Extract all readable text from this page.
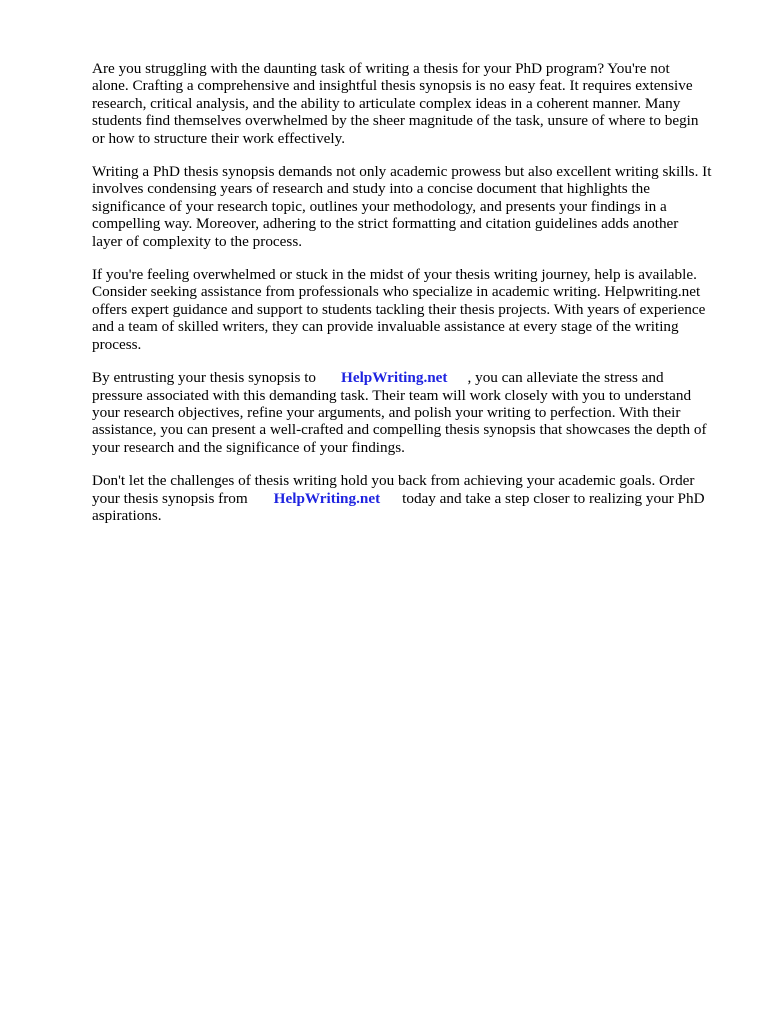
Are you struggling with the daunting task of writing a thesis for your PhD program? You're not
alone. Crafting a comprehensive and insightful thesis synopsis is no easy feat. It requires extensive
research, critical analysis, and the ability to articulate complex ideas in a coherent manner. Many
students find themselves overwhelmed by the sheer magnitude of the task, unsure of where to begin
or how to structure their work effectively.

Writing a PhD thesis synopsis demands not only academic prowess but also excellent writing skills. It
involves condensing years of research and study into a concise document that highlights the
significance of your research topic, outlines your methodology, and presents your findings in a
compelling way. Moreover, adhering to the strict formatting and citation guidelines adds another
layer of complexity to the process.

If you're feeling overwhelmed or stuck in the midst of your thesis writing journey, help is available.
Consider seeking assistance from professionals who specialize in academic writing. Helpwriting.net
offers expert guidance and support to students tackling their thesis projects. With years of experience
and a team of skilled writers, they can provide invaluable assistance at every stage of the writing
process.

By entrusting your thesis synopsis to HelpWriting.net , you can alleviate the stress and
pressure associated with this demanding task. Their team will work closely with you to understand
your research objectives, refine your arguments, and polish your writing to perfection. With their
assistance, you can present a well-crafted and compelling thesis synopsis that showcases the depth of
your research and the significance of your findings.

Don't let the challenges of thesis writing hold you back from achieving your academic goals. Order
your thesis synopsis from HelpWriting.net today and take a step closer to realizing your PhD
aspirations.
